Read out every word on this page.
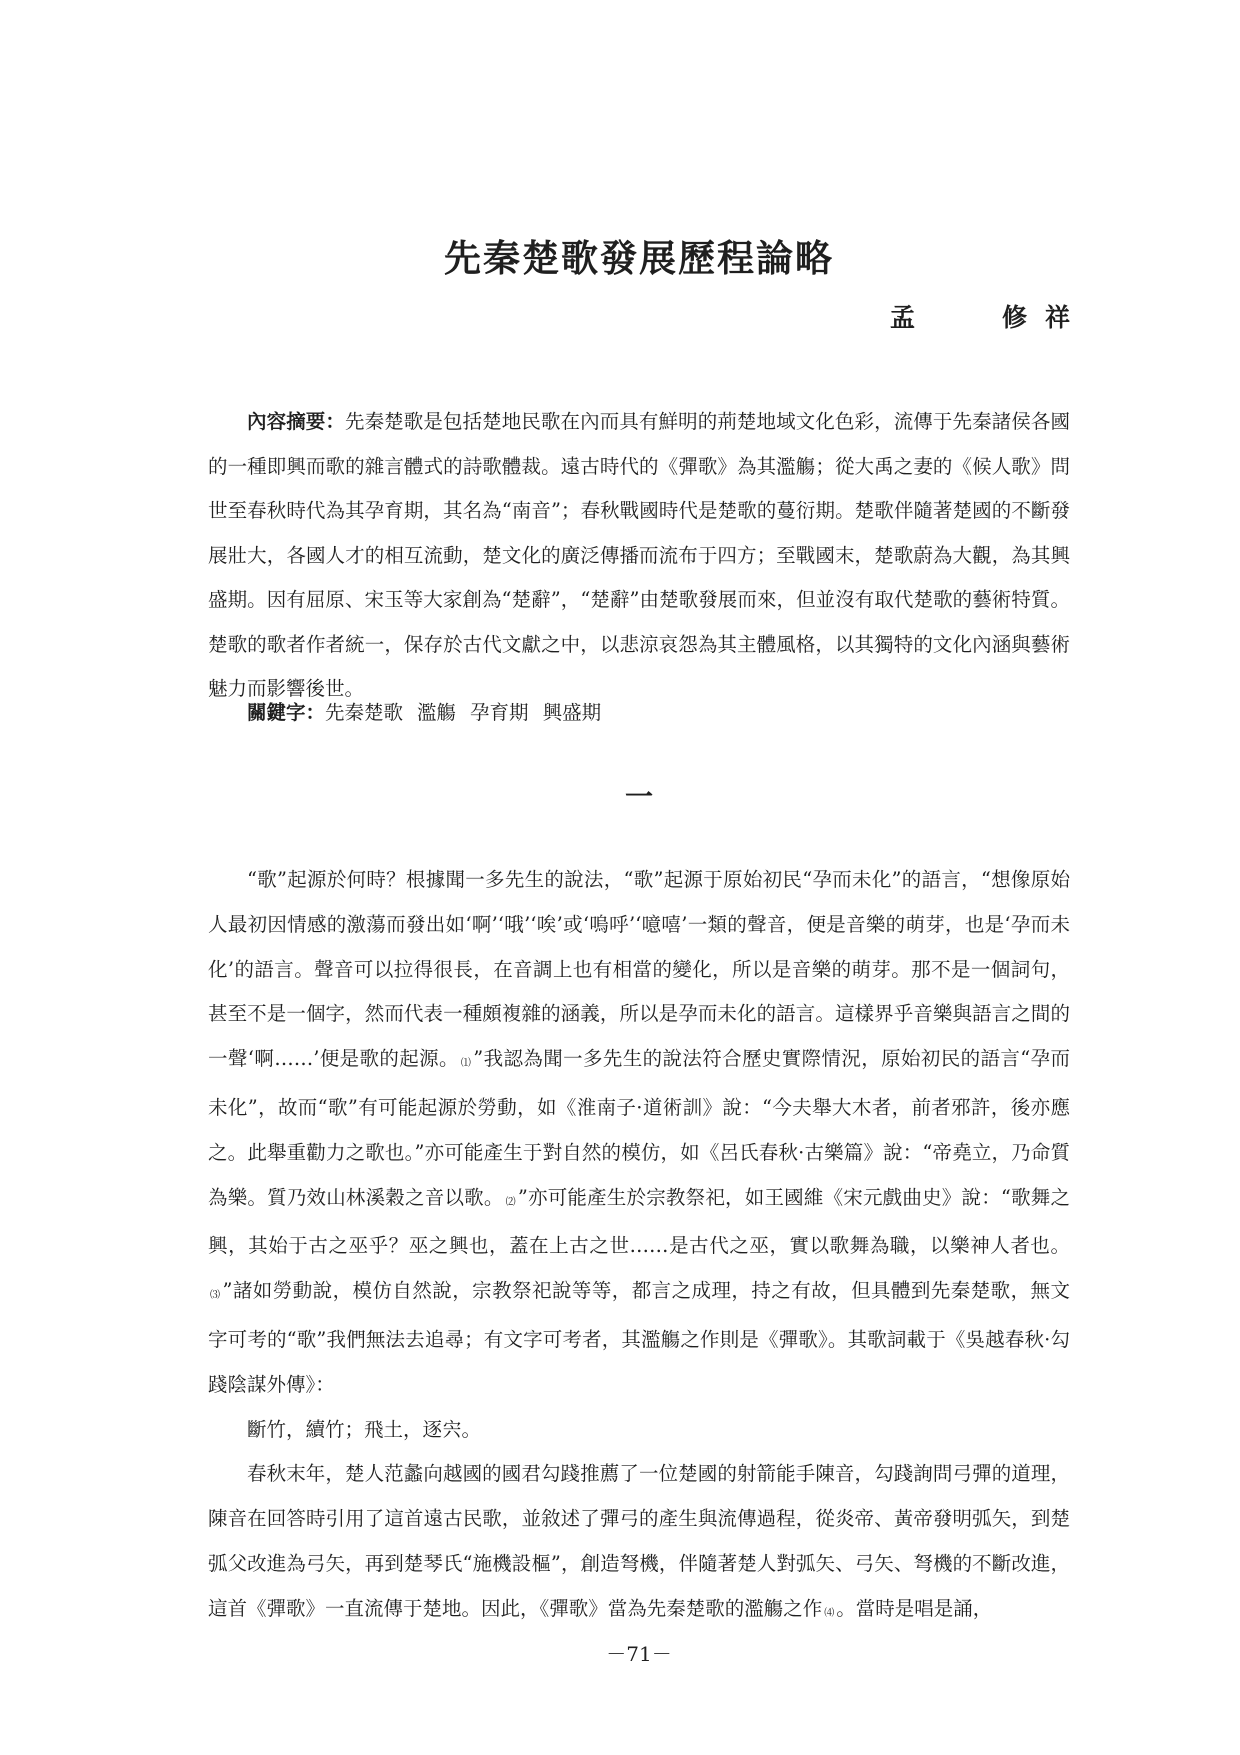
先秦楚歌發展歷程論略
孟	修祥

內容摘要：先秦楚歌是包括楚地民歌在內而具有鮮明的荊楚地域文化色彩，流傳于先秦諸侯各國的一種即興而歌的雜言體式的詩歌體裁。遠古時代的《彈歌》為其濫觴；從大禹之妻的《候人歌》問世至春秋時代為其孕育期，其名為“南音”；春秋戰國時代是楚歌的蔓衍期。楚歌伴隨著楚國的不斷發展壯大，各國人才的相互流動，楚文化的廣泛傳播而流布于四方；至戰國末，楚歌蔚為大觀，為其興盛期。因有屈原、宋玉等大家創為“楚辭”，“楚辭”由楚歌發展而來，但並沒有取代楚歌的藝術特質。楚歌的歌者作者統一，保存於古代文獻之中，以悲涼哀怨為其主體風格，以其獨特的文化內涵與藝術魅力而影響後世。

關鍵字：先秦楚歌 濫觴 孕育期 興盛期

一

“歌”起源於何時？根據聞一多先生的說法，“歌”起源于原始初民“孕而未化”的語言，“想像原始人最初因情感的激蕩而發出如‘啊’‘哦’‘唉’或‘嗚呼’‘噫嘻’一類的聲音，便是音樂的萌芽，也是‘孕而未化’的語言。聲音可以拉得很長，在音調上也有相當的變化，所以是音樂的萌芽。那不是一個詞句，甚至不是一個字，然而代表一種頗複雜的涵義，所以是孕而未化的語言。這樣界乎音樂與語言之間的一聲‘啊……’便是歌的起源。 ⑴ ”我認為聞一多先生的說法符合歷史實際情況，原始初民的語言“孕而未化”，故而“歌”有可能起源於勞動，如《淮南子·道術訓》說：“今夫舉大木者，前者邪許，後亦應之。此舉重勸力之歌也。”亦可能產生于對自然的模仿，如《呂氏春秋·古樂篇》說：“帝堯立，乃命質為樂。質乃效山林溪穀之音以歌。 ⑵ ”亦可能產生於宗教祭祀，如王國維《宋元戲曲史》說：“歌舞之興，其始于古之巫乎？巫之興也，蓋在上古之世……是古代之巫，實以歌舞為職，以樂神人者也。⑶ ”諸如勞動說，模仿自然說，宗教祭祀說等等，都言之成理，持之有故，但具體到先秦楚歌，無文字可考的“歌”我們無法去追尋；有文字可考者，其濫觴之作則是《彈歌》。其歌詞載于《吳越春秋·勾踐陰謀外傳》：

斷竹，續竹；飛土，逐宍。

春秋末年，楚人范蠡向越國的國君勾踐推薦了一位楚國的射箭能手陳音，勾踐詢問弓彈的道理，陳音在回答時引用了這首遠古民歌，並敘述了彈弓的產生與流傳過程，從炎帝、黃帝發明弧矢，到楚弧父改進為弓矢，再到楚琴氏“施機設樞”，創造弩機，伴隨著楚人對弧矢、弓矢、弩機的不斷改進，這首《彈歌》一直流傳于楚地。因此，《彈歌》當為先秦楚歌的濫觴之作 ⑷ 。當時是唱是誦，

－71－
